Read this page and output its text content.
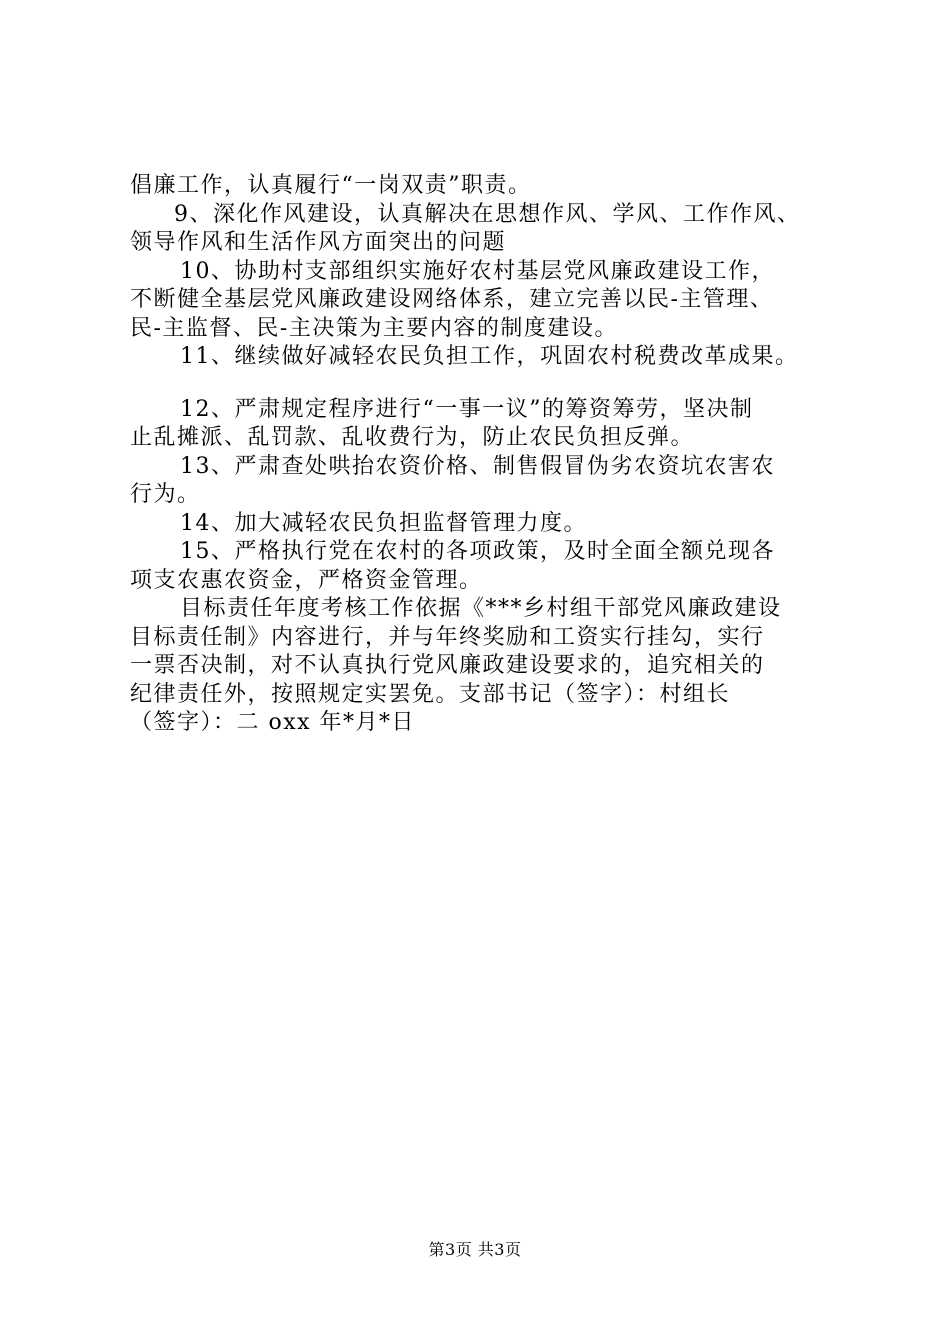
倡廉工作，认真履行“一岗双责”职责。
9、深化作风建设，认真解决在思想作风、学风、工作作风、
领导作风和生活作风方面突出的问题
10、协助村支部组织实施好农村基层党风廉政建设工作，
不断健全基层党风廉政建设网络体系，建立完善以民-主管理、
民-主监督、民-主决策为主要内容的制度建设。
11、继续做好减轻农民负担工作，巩固农村税费改革成果。
12、严肃规定程序进行“一事一议”的筹资筹劳，坚决制
止乱摊派、乱罚款、乱收费行为，防止农民负担反弹。
13、严肃查处哄抬农资价格、制售假冒伪劣农资坑农害农
行为。
14、加大减轻农民负担监督管理力度。
15、严格执行党在农村的各项政策，及时全面全额兑现各
项支农惠农资金，严格资金管理。
目标责任年度考核工作依据《***乡村组干部党风廉政建设
目标责任制》内容进行，并与年终奖励和工资实行挂勾，实行
一票否决制，对不认真执行党风廉政建设要求的，追究相关的
纪律责任外，按照规定实罢免。支部书记（签字）：村组长
（签字）：二 oxx 年*月*日
第3页 共3页
